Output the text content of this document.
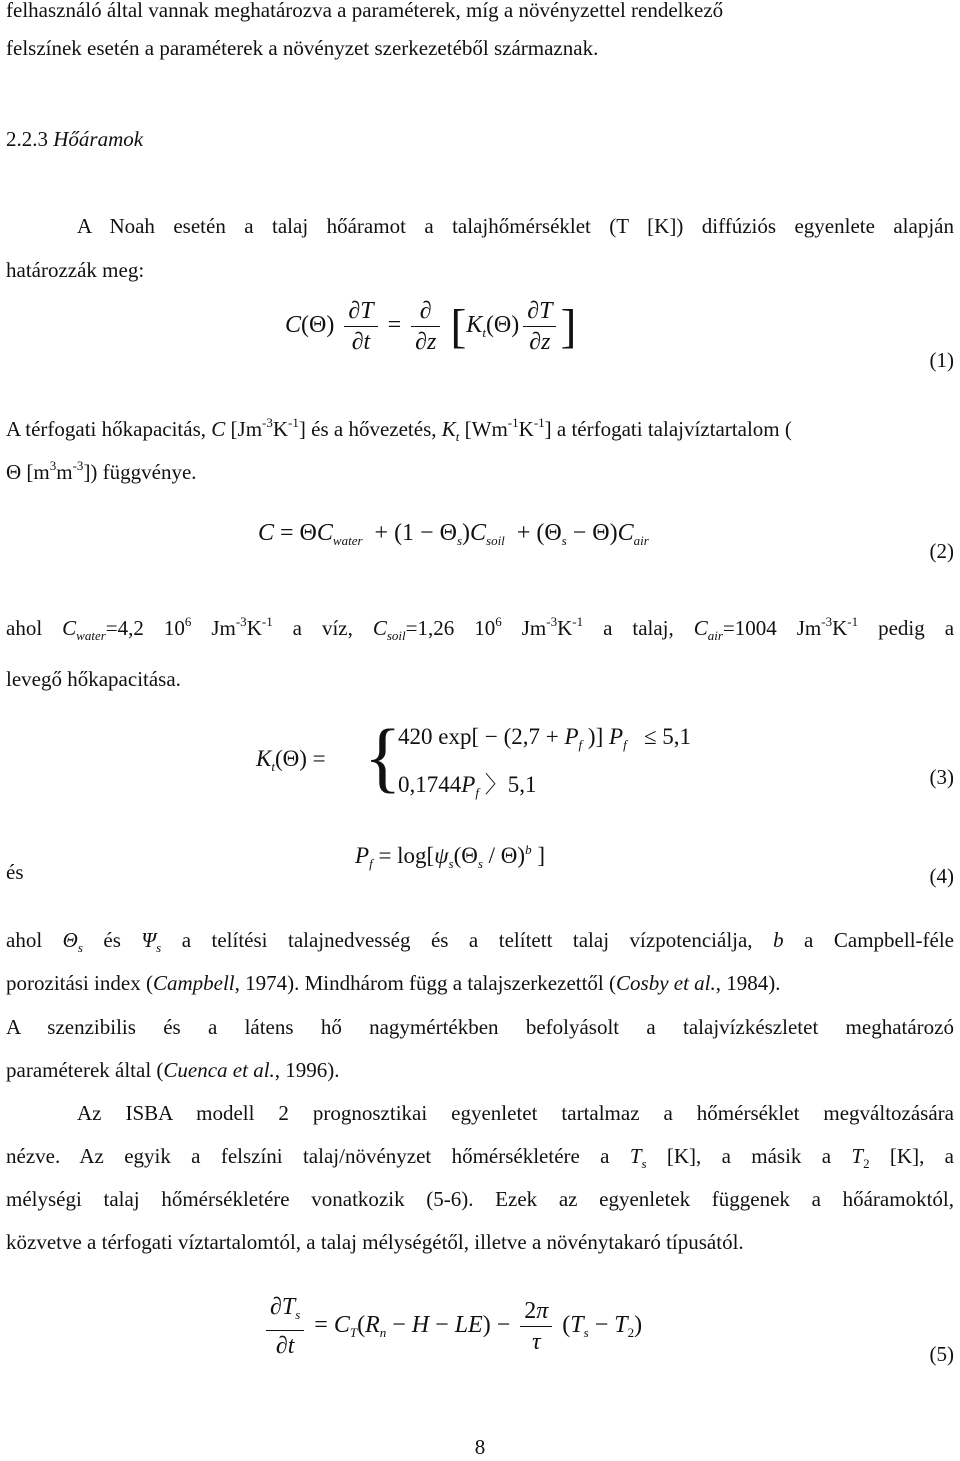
felhasználó által vannak meghatározva a paraméterek, míg a növényzettel rendelkező
felszínek esetén a paraméterek a növényzet szerkezetéből származnak.
2.2.3 Hőáramok
A Noah esetén a talaj hőáramot a talajhőmérséklet (T [K]) diffúziós egyenlete alapján
határozzák meg:
$C(\Theta) \frac{\partial T}{\partial t} = \frac{\partial}{\partial z} [K_t(\Theta) \frac{\partial T}{\partial z}$ ]
(1)
A térfogati hőkapacitás, C $[Jm^{-3}K^{-1}]$ és a hővezetés, $K_t$ $[Wm^{-1}K^{-1}]$ a térfogati talajvíztartalom (
Θ $[m^3m^{-3}]$) függvénye.
$C = \Theta C_{water} + (1 - \Theta_s)C_{soil} + (\Theta_s - \Theta)C_{air}$	(2)
ahol $C_{water}=4,2$ $10^6$ $Jm^{-3}K^{-1}$ a víz, $C_{soil}=1,26$ $10^6$ $Jm^{-3}K^{-1}$ a talaj, $C_{air}=1004$ $Jm^{-3}K^{-1}$ pedig a
levegő hőkapacitása.
$K_t(\Theta)$ = {
420 $\exp[ - (2,7 + P_f$ )] $P_f \le 5,1$
$0,1744P_f$ 〉5,1	(3)
és
$P_f = \log[\psi_s(\Theta_s / \Theta)^b$ ]
(4)
ahol $\Theta_s$ és $\Psi_s$ a telítési talajnedvesség és a telített talaj vízpotenciálja, b a Campbell-féle
porozitási index (Campbell, 1974). Mindhárom függ a talajszerkezettől (Cosby et al., 1984).
A szenzibilis és a látens hő nagymértékben befolyásolt a talajvízkészletet meghatározó
paraméterek által (Cuenca et al., 1996).
Az ISBA modell 2 prognosztikai egyenletet tartalmaz a hőmérséklet megváltozására
nézve. Az egyik a felszíni talaj/növényzet hőmérsékletére a $T_s$ [K], a másik a $T_2$ [K], a
mélységi talaj hőmérsékletére vonatkozik (5-6). Ezek az egyenletek függenek a hőáramoktól,
közvetve a térfogati víztartalomtól, a talaj mélységétől, illetve a növénytakaró típusától.
$\frac{\partial T_s}{\partial t} = C_T(R_n - H - LE) - \frac{2\pi}{\tau} (T_s - T_2)$
(5)
8
